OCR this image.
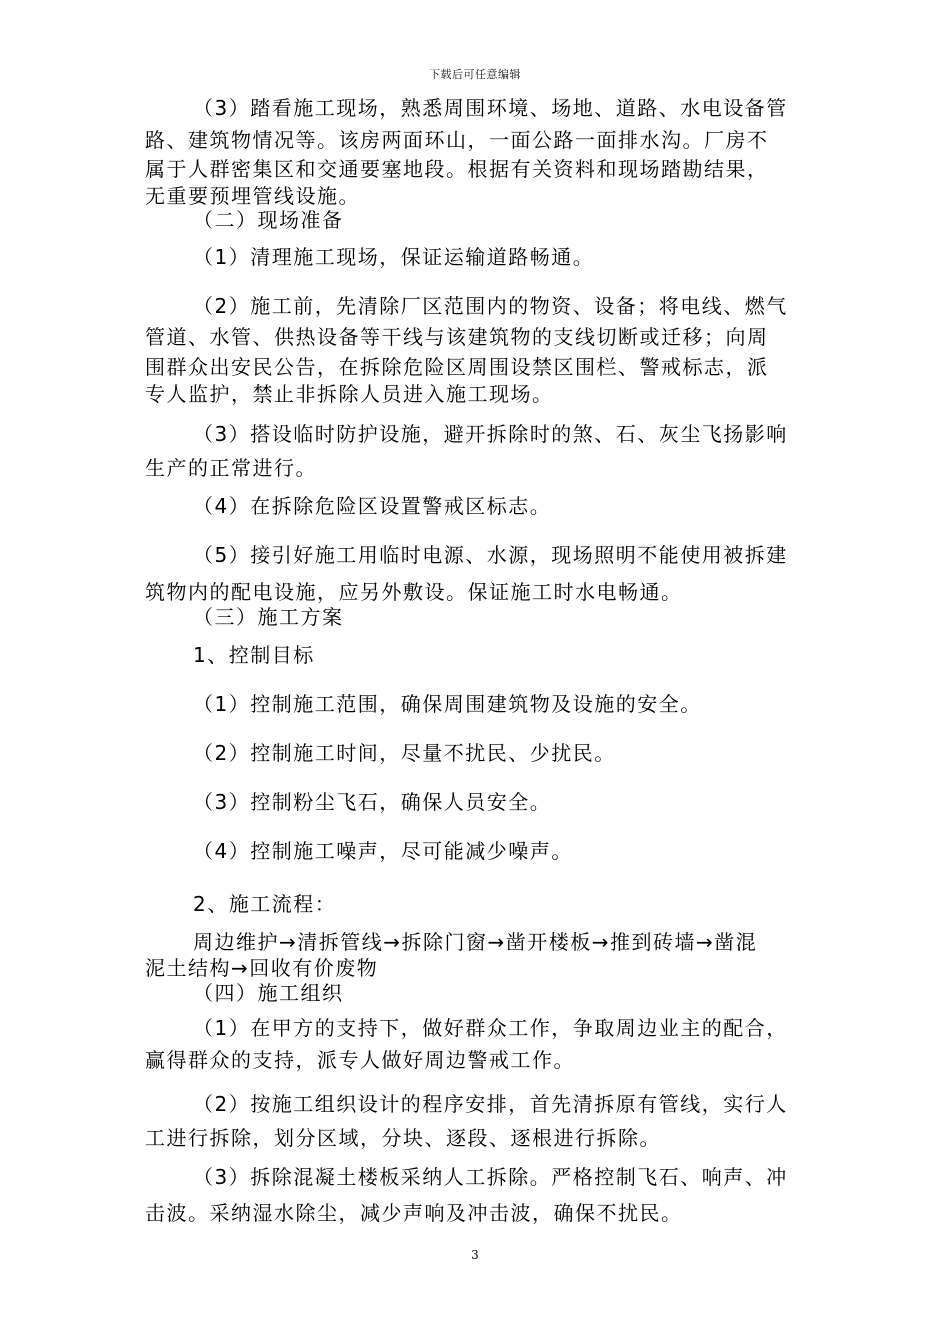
下载后可任意编辑
（3）踏看施工现场，熟悉周围环境、场地、道路、水电设备管
路、建筑物情况等。该房两面环山，一面公路一面排水沟。厂房不
属于人群密集区和交通要塞地段。根据有关资料和现场踏勘结果，
无重要预埋管线设施。
（二）现场准备
（1）清理施工现场，保证运输道路畅通。
（2）施工前，先清除厂区范围内的物资、设备；将电线、燃气
管道、水管、供热设备等干线与该建筑物的支线切断或迁移；向周
围群众出安民公告，在拆除危险区周围设禁区围栏、警戒标志，派
专人监护，禁止非拆除人员进入施工现场。
（3）搭设临时防护设施，避开拆除时的煞、石、灰尘飞扬影响
生产的正常进行。
（4）在拆除危险区设置警戒区标志。
（5）接引好施工用临时电源、水源，现场照明不能使用被拆建
筑物内的配电设施，应另外敷设。保证施工时水电畅通。
（三）施工方案
1、控制目标
（1）控制施工范围，确保周围建筑物及设施的安全。
（2）控制施工时间，尽量不扰民、少扰民。
（3）控制粉尘飞石，确保人员安全。
（4）控制施工噪声，尽可能减少噪声。
2、施工流程：
周边维护→清拆管线→拆除门窗→凿开楼板→推到砖墙→凿混
泥土结构→回收有价废物
（四）施工组织
（1）在甲方的支持下，做好群众工作，争取周边业主的配合，
赢得群众的支持，派专人做好周边警戒工作。
（2）按施工组织设计的程序安排，首先清拆原有管线，实行人
工进行拆除，划分区域，分块、逐段、逐根进行拆除。
（3）拆除混凝土楼板采纳人工拆除。严格控制飞石、响声、冲
击波。采纳湿水除尘，减少声响及冲击波，确保不扰民。
3
